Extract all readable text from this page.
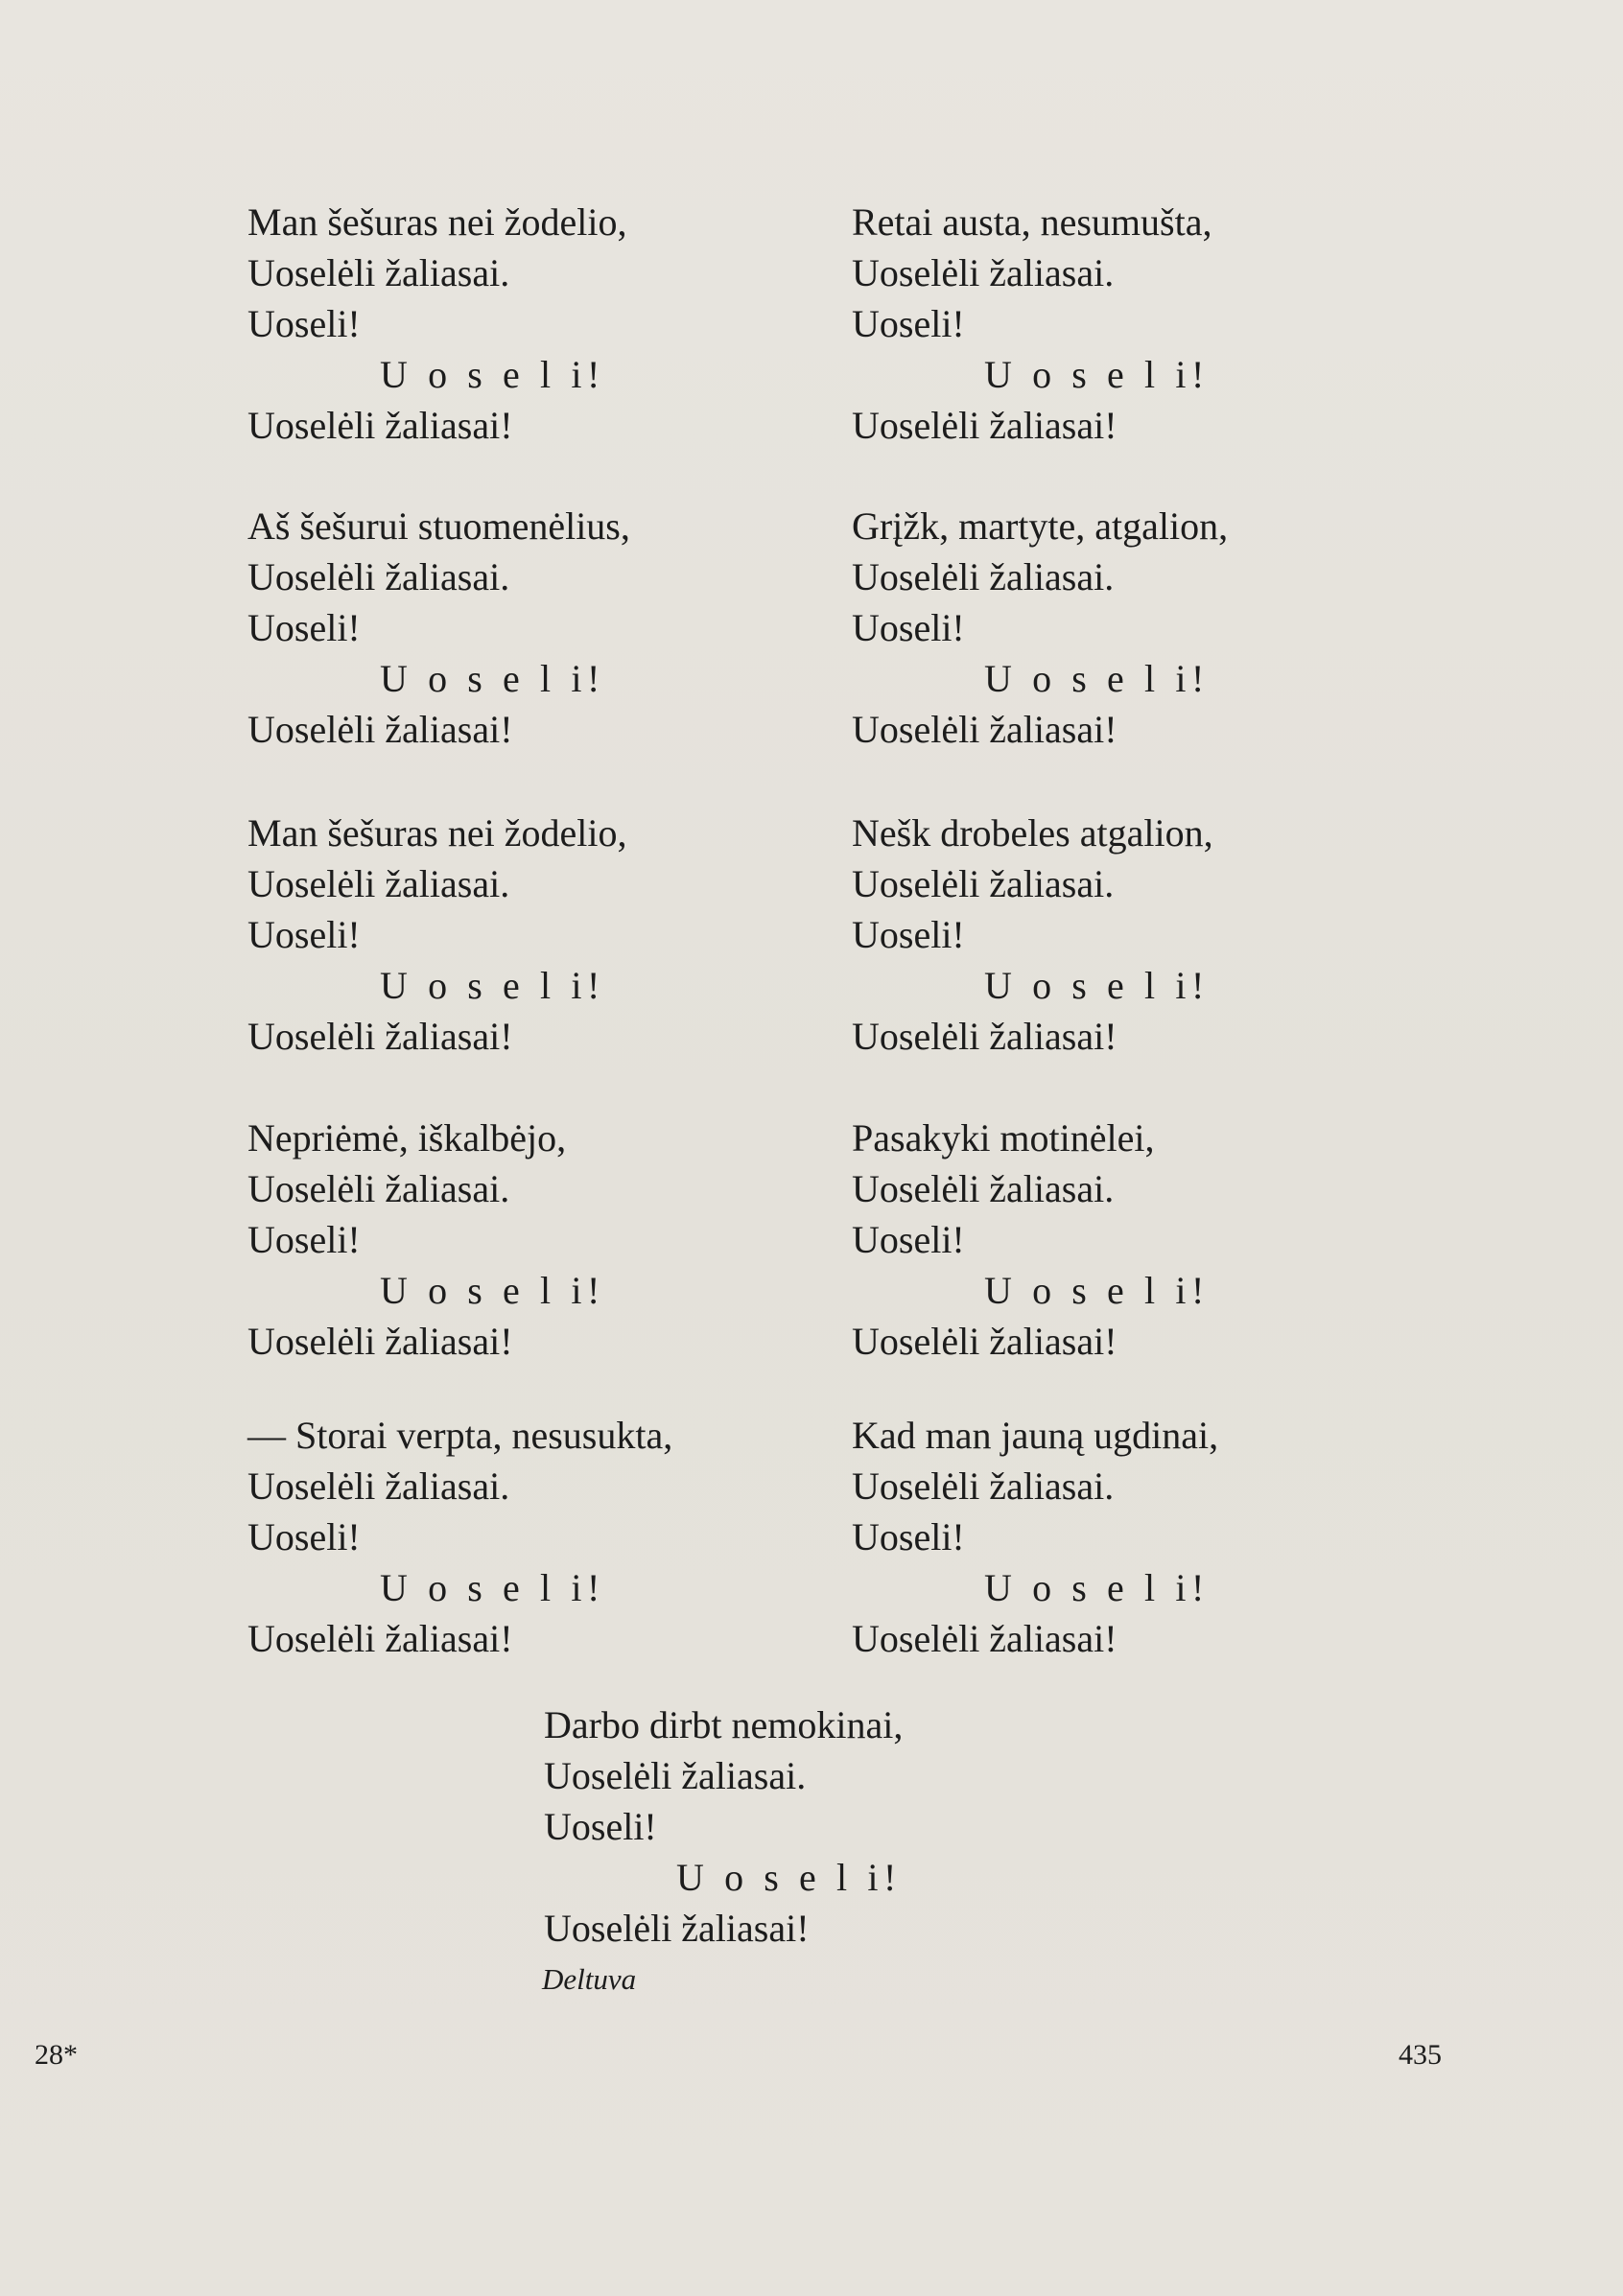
Man šešuras nei žodelio,
Uoselėli žaliasai.
Uoseli!
U o s e l i!
Uoselėli žaliasai!
Aš šešurui stuomenėlius,
Uoselėli žaliasai.
Uoseli!
U o s e l i!
Uoselėli žaliasai!
Man šešuras nei žodelio,
Uoselėli žaliasai.
Uoseli!
U o s e l i!
Uoselėli žaliasai!
Nepriėmė, iškalbėjo,
Uoselėli žaliasai.
Uoseli!
U o s e l i!
Uoselėli žaliasai!
— Storai verpta, nesusukta,
Uoselėli žaliasai.
Uoseli!
U o s e l i!
Uoselėli žaliasai!
Retai austa, nesumušta,
Uoselėli žaliasai.
Uoseli!
U o s e l i!
Uoselėli žaliasai!
Grįžk, martyte, atgalion,
Uoselėli žaliasai.
Uoseli!
U o s e l i!
Uoselėli žaliasai!
Nešk drobeles atgalion,
Uoselėli žaliasai.
Uoseli!
U o s e l i!
Uoselėli žaliasai!
Pasakyki motinėlei,
Uoselėli žaliasai.
Uoseli!
U o s e l i!
Uoselėli žaliasai!
Kad man jauną ugdinai,
Uoselėli žaliasai.
Uoseli!
U o s e l i!
Uoselėli žaliasai!
Darbo dirbt nemokinai,
Uoselėli žaliasai.
Uoseli!
U o s e l i!
Uoselėli žaliasai!
Deltuva
28*	435
